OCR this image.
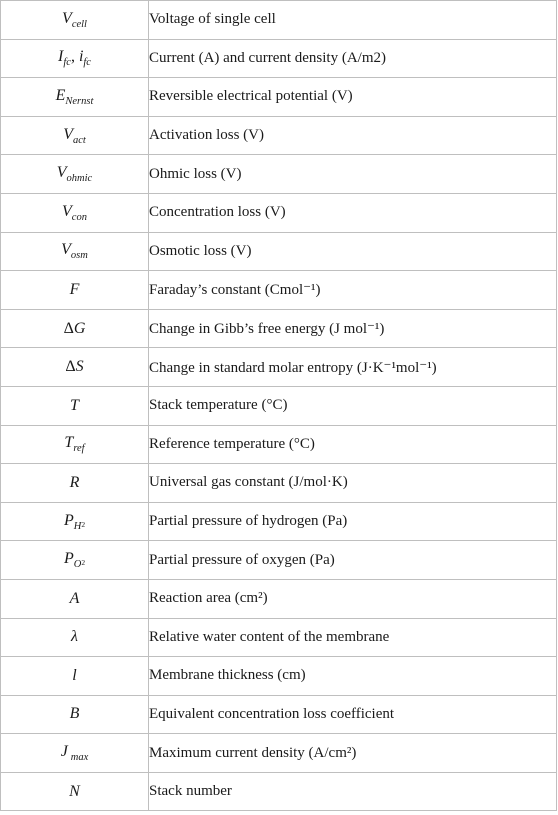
$V_{cell}$	Voltage of single cell
$I_{fc}$, $i_{fc}$	Current (A) and current density (A/m2)
$E_{Nernst}$	Reversible electrical potential (V)
$V_{act}$	Activation loss (V)
$V_{ohmic}$	Ohmic loss (V)
$V_{con}$	Concentration loss (V)
$V_{osm}$	Osmotic loss (V)
F	Faraday’s constant (Cmol⁻¹)
ΔG	Change in Gibb’s free energy (J mol⁻¹)
ΔS	Change in standard molar entropy (J·K⁻¹mol⁻¹)
T	Stack temperature (°C)
$T_{ref}$	Reference temperature (°C)
R	Universal gas constant (J/mol·K)
$P_H2$	Partial pressure of hydrogen (Pa)
$P_O2$	Partial pressure of oxygen (Pa)
A	Reaction area (cm²)
λ	Relative water content of the membrane
l	Membrane thickness (cm)
B	Equivalent concentration loss coefficient
J $_{max}$	Maximum current density (A/cm²)
N	Stack number
